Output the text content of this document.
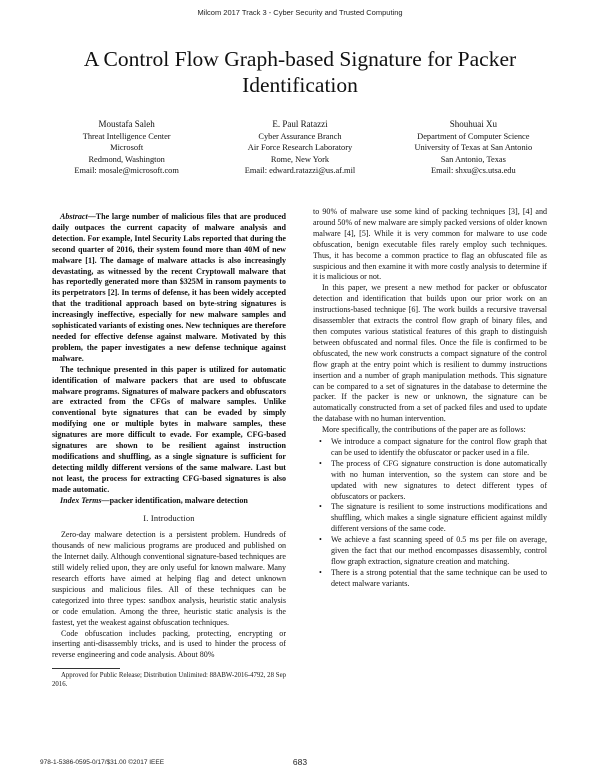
Milcom 2017 Track 3 - Cyber Security and Trusted Computing
A Control Flow Graph-based Signature for Packer
Identification
Moustafa Saleh
Threat Intelligence Center
Microsoft
Redmond, Washington
Email: mosale@microsoft.com
E. Paul Ratazzi
Cyber Assurance Branch
Air Force Research Laboratory
Rome, New York
Email: edward.ratazzi@us.af.mil
Shouhuai Xu
Department of Computer Science
University of Texas at San Antonio
San Antonio, Texas
Email: shxu@cs.utsa.edu

Abstract—The large number of malicious files that are produced daily outpaces the current capacity of malware analysis and detection. For example, Intel Security Labs reported that during the second quarter of 2016, their system found more than 40M of new malware [1]. The damage of malware attacks is also increasingly devastating, as witnessed by the recent Cryptowall malware that has reportedly generated more than $325M in ransom payments to its perpetrators [2]. In terms of defense, it has been widely accepted that the traditional approach based on byte-string signatures is increasingly ineffective, especially for new malware samples and sophisticated variants of existing ones. New techniques are therefore needed for effective defense against malware. Motivated by this problem, the paper investigates a new defense technique against malware.

The technique presented in this paper is utilized for automatic identification of malware packers that are used to obfuscate malware programs. Signatures of malware packers and obfuscators are extracted from the CFGs of malware samples. Unlike conventional byte signatures that can be evaded by simply modifying one or multiple bytes in malware samples, these signatures are more difficult to evade. For example, CFG-based signatures are shown to be resilient against instruction modifications and shuffling, as a single signature is sufficient for detecting mildly different versions of the same malware. Last but not least, the process for extracting CFG-based signatures is also made automatic.

Index Terms—packer identification, malware detection

I. Introduction

Zero-day malware detection is a persistent problem. Hundreds of thousands of new malicious programs are produced and published on the Internet daily. Although conventional signature-based techniques are still widely relied upon, they are only useful for known malware. Many research efforts have aimed at helping flag and detect unknown suspicious and malicious files. All of these techniques can be categorized into three types: sandbox analysis, heuristic static analysis or code emulation. Among the three, heuristic static analysis is the fastest, yet the weakest against obfuscation techniques.

Code obfuscation includes packing, protecting, encrypting or inserting anti-disassembly tricks, and is used to hinder the process of reverse engineering and code analysis. About 80%

Approved for Public Release; Distribution Unlimited: 88ABW-2016-4792, 28 Sep 2016.

to 90% of malware use some kind of packing techniques [3], [4] and around 50% of new malware are simply packed versions of older known malware [4], [5]. While it is very common for malware to use code obfuscation, benign executable files rarely employ such techniques. Thus, it has become a common practice to flag an obfuscated file as suspicious and then examine it with more costly analysis to determine if it is malicious or not.

In this paper, we present a new method for packer or obfuscator detection and identification that builds upon our prior work on an instructions-based technique [6]. The work builds a recursive traversal disassembler that extracts the control flow graph of binary files, and then computes various statistical features of this graph to distinguish between obfuscated and normal files. Once the file is confirmed to be obfuscated, the new work constructs a compact signature of the control flow graph at the entry point which is resilient to dummy instructions insertion and a number of graph manipulation methods. This signature can be compared to a set of signatures in the database to determine the packer. If the packer is new or unknown, the signature can be automatically constructed from a set of packed files and used to update the database with no human intervention.

More specifically, the contributions of the paper are as follows:

• We introduce a compact signature for the control flow graph that can be used to identify the obfuscator or packer used in a file.
• The process of CFG signature construction is done automatically with no human intervention, so the system can store and be updated with new signatures to detect different types of obfuscators or packers.
• The signature is resilient to some instructions modifications and shuffling, which makes a single signature efficient against mildly different versions of the same code.
• We achieve a fast scanning speed of 0.5 ms per file on average, given the fact that our method encompasses disassembly, control flow graph extraction, signature creation and matching.
• There is a strong potential that the same technique can be used to detect malware variants.
978-1-5386-0595-0/17/$31.00 ©2017 IEEE	683
